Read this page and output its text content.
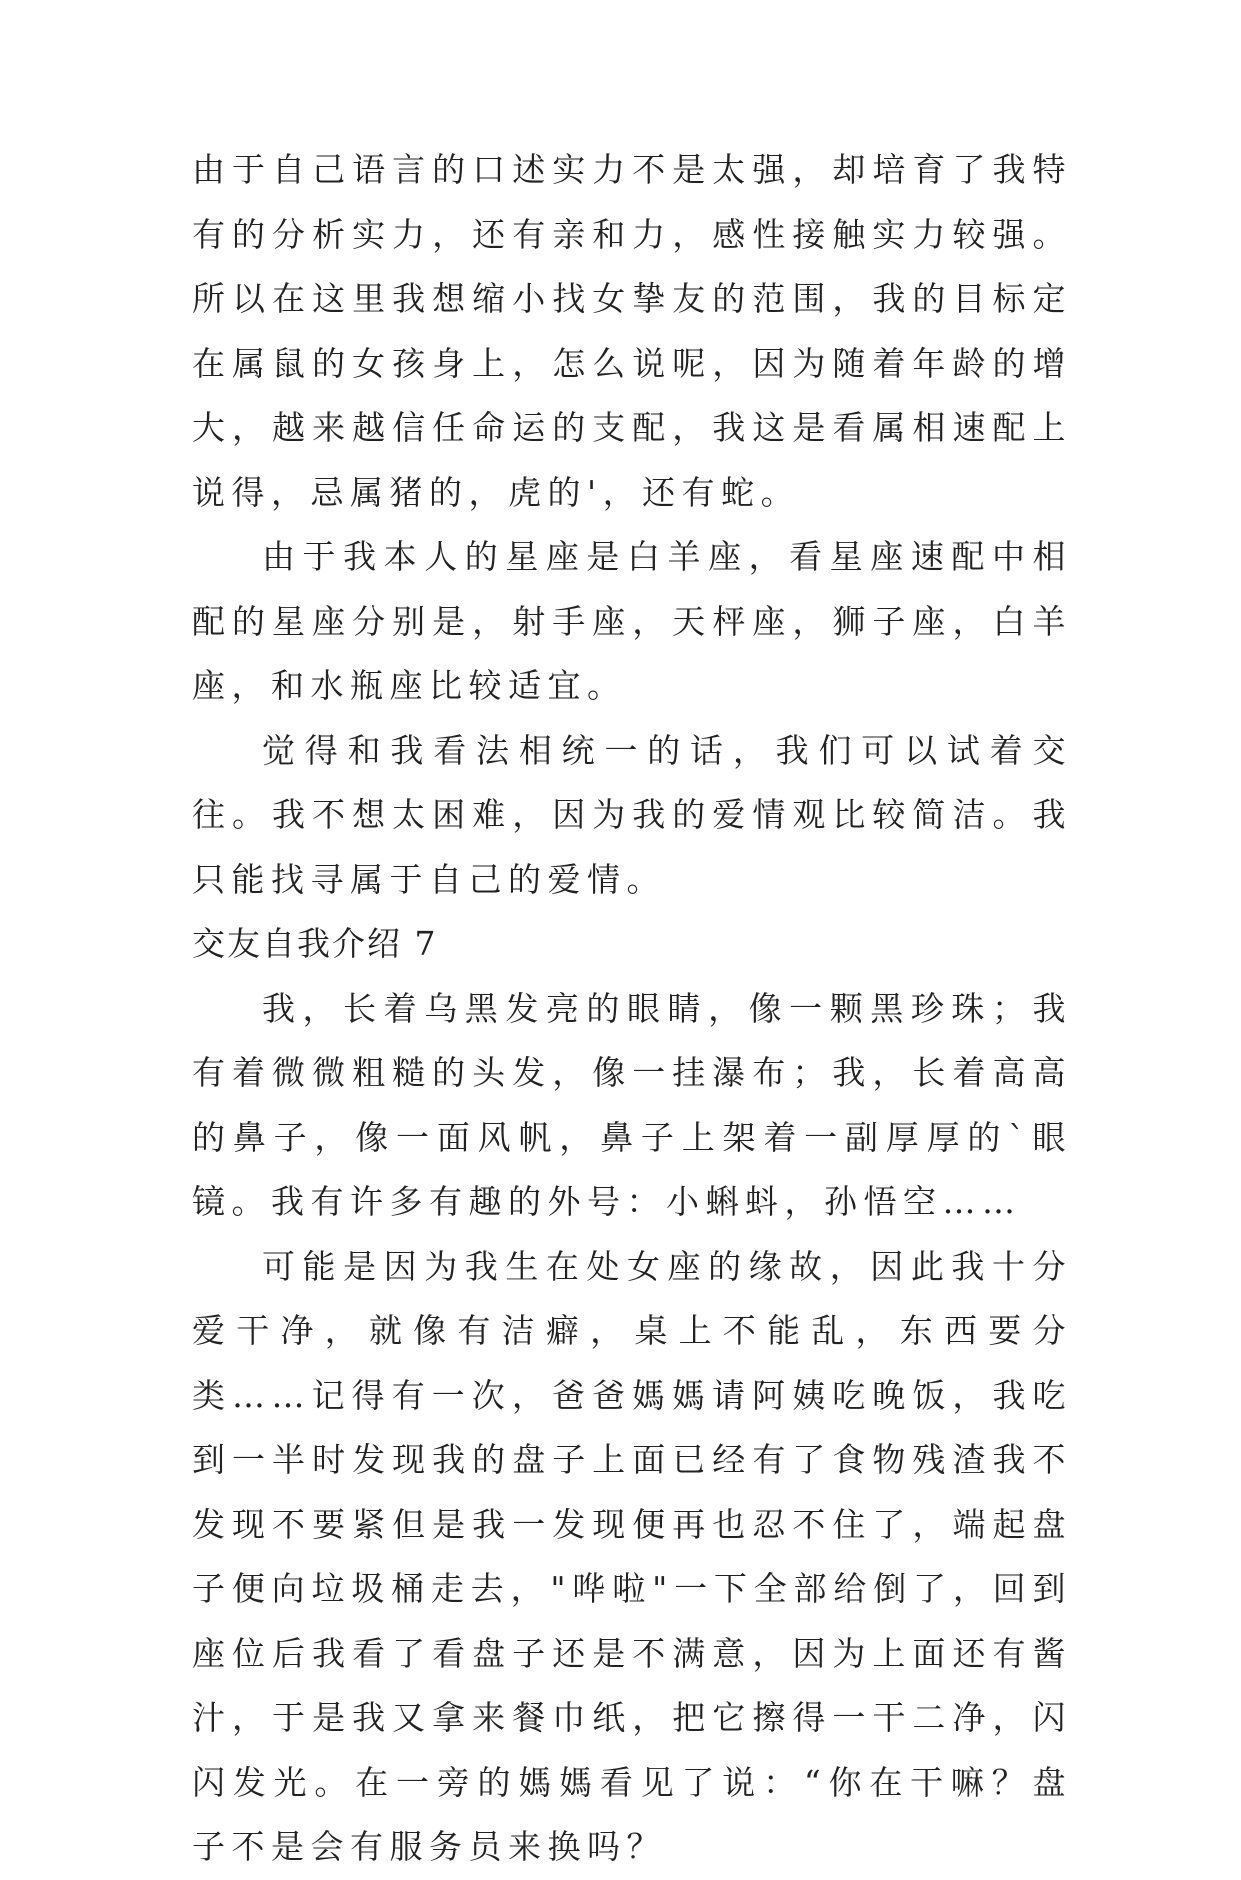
由于自己语言的口述实力不是太强，却培育了我特有的分析实力，还有亲和力，感性接触实力较强。所以在这里我想缩小找女挚友的范围，我的目标定在属鼠的女孩身上，怎么说呢，因为随着年龄的增大，越来越信任命运的支配，我这是看属相速配上说得，忌属猪的，虎的'，还有蛇。

由于我本人的星座是白羊座，看星座速配中相配的星座分别是，射手座，天枰座，狮子座，白羊座，和水瓶座比较适宜。

觉得和我看法相统一的话，我们可以试着交往。我不想太困难，因为我的爱情观比较简洁。我只能找寻属于自己的爱情。

交友自我介绍 7

我，长着乌黑发亮的眼睛，像一颗黑珍珠；我有着微微粗糙的头发，像一挂瀑布；我，长着高高的鼻子，像一面风帆，鼻子上架着一副厚厚的`眼镜。我有许多有趣的外号：小蝌蚪，孙悟空……

可能是因为我生在处女座的缘故，因此我十分爱干净，就像有洁癖，桌上不能乱，东西要分类……记得有一次，爸爸媽媽请阿姨吃晚饭，我吃到一半时发现我的盘子上面已经有了食物残渣我不发现不要紧但是我一发现便再也忍不住了，端起盘子便向垃圾桶走去，"哗啦"一下全部给倒了，回到座位后我看了看盘子还是不满意，因为上面还有酱汁，于是我又拿来餐巾纸，把它擦得一干二净，闪闪发光。在一旁的媽媽看见了说：“你在干嘛？盘子不是会有服务员来换吗？
